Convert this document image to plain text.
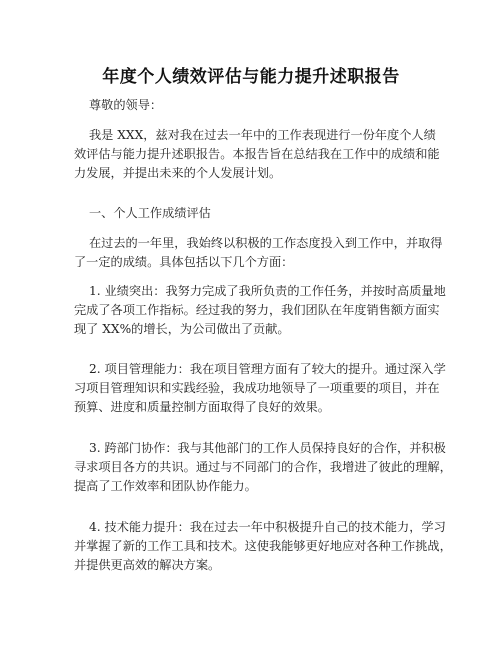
年度个人绩效评估与能力提升述职报告

尊敬的领导：

我是 XXX，兹对我在过去一年中的工作表现进行一份年度个人绩
效评估与能力提升述职报告。本报告旨在总结我在工作中的成绩和能
力发展，并提出未来的个人发展计划。

一、个人工作成绩评估

在过去的一年里，我始终以积极的工作态度投入到工作中，并取得
了一定的成绩。具体包括以下几个方面：

1. 业绩突出：我努力完成了我所负责的工作任务，并按时高质量地
完成了各项工作指标。经过我的努力，我们团队在年度销售额方面实
现了 XX%的增长，为公司做出了贡献。

2. 项目管理能力：我在项目管理方面有了较大的提升。通过深入学
习项目管理知识和实践经验，我成功地领导了一项重要的项目，并在
预算、进度和质量控制方面取得了良好的效果。

3. 跨部门协作：我与其他部门的工作人员保持良好的合作，并积极
寻求项目各方的共识。通过与不同部门的合作，我增进了彼此的理解，
提高了工作效率和团队协作能力。

4. 技术能力提升：我在过去一年中积极提升自己的技术能力，学习
并掌握了新的工作工具和技术。这使我能够更好地应对各种工作挑战，
并提供更高效的解决方案。
